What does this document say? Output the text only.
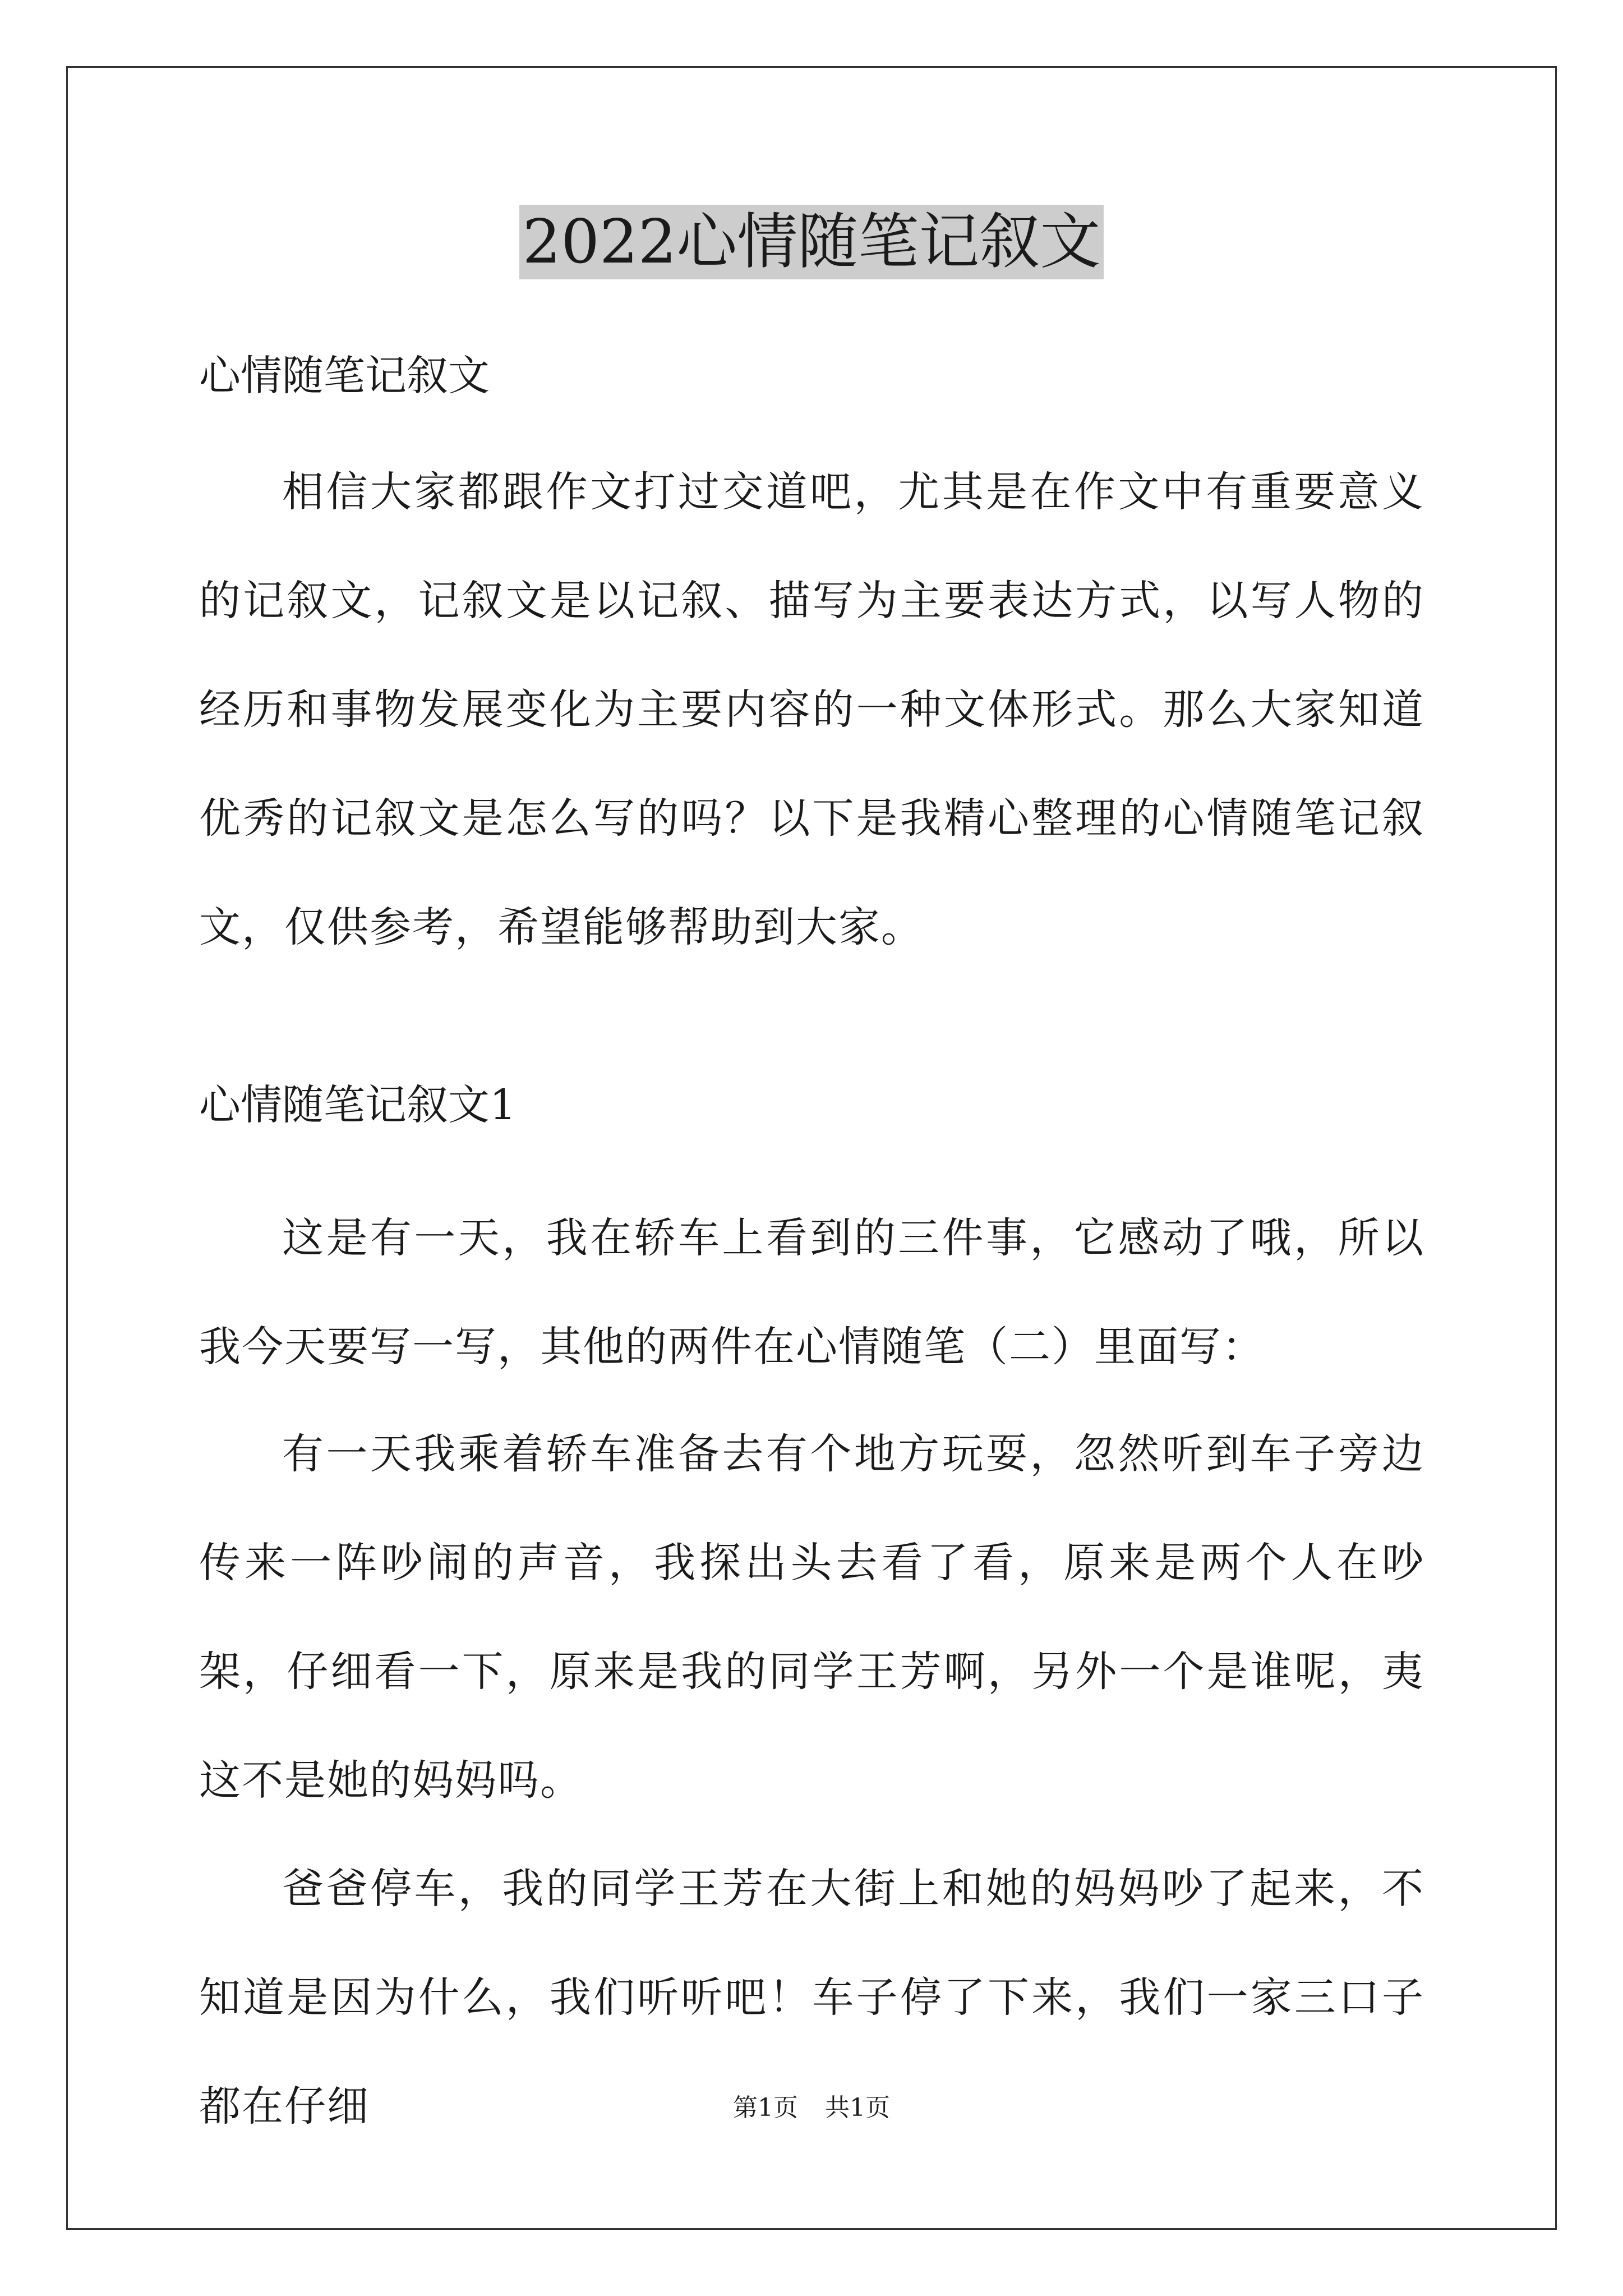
2022心情随笔记叙文
心情随笔记叙文

相信大家都跟作文打过交道吧，尤其是在作文中有重要意义的记叙文，记叙文是以记叙、描写为主要表达方式，以写人物的经历和事物发展变化为主要内容的一种文体形式。那么大家知道优秀的记叙文是怎么写的吗？以下是我精心整理的心情随笔记叙文，仅供参考，希望能够帮助到大家。

心情随笔记叙文1

这是有一天，我在轿车上看到的三件事，它感动了哦，所以我今天要写一写，其他的两件在心情随笔（二）里面写：

有一天我乘着轿车准备去有个地方玩耍，忽然听到车子旁边传来一阵吵闹的声音，我探出头去看了看，原来是两个人在吵架，仔细看一下，原来是我的同学王芳啊，另外一个是谁呢，夷这不是她的妈妈吗。

爸爸停车，我的同学王芳在大街上和她的妈妈吵了起来，不知道是因为什么，我们听听吧！车子停了下来，我们一家三口子都在仔细	第1页 共1页
